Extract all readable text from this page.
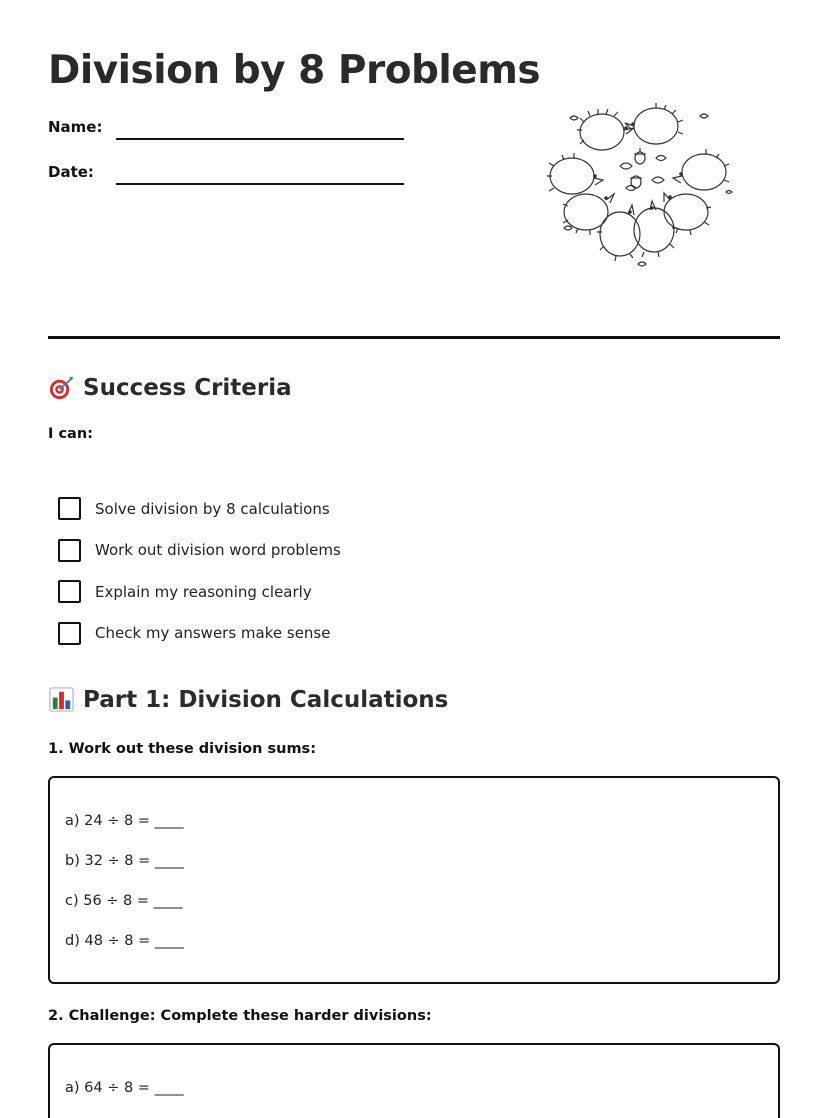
Division by 8 Problems
Name:
Date:
Success Criteria
I can:
Solve division by 8 calculations
Work out division word problems
Explain my reasoning clearly
Check my answers make sense
Part 1: Division Calculations
1. Work out these division sums:
a) 24 ÷ 8 = ____
b) 32 ÷ 8 = ____
c) 56 ÷ 8 = ____
d) 48 ÷ 8 = ____
2. Challenge: Complete these harder divisions:
a) 64 ÷ 8 = ____
